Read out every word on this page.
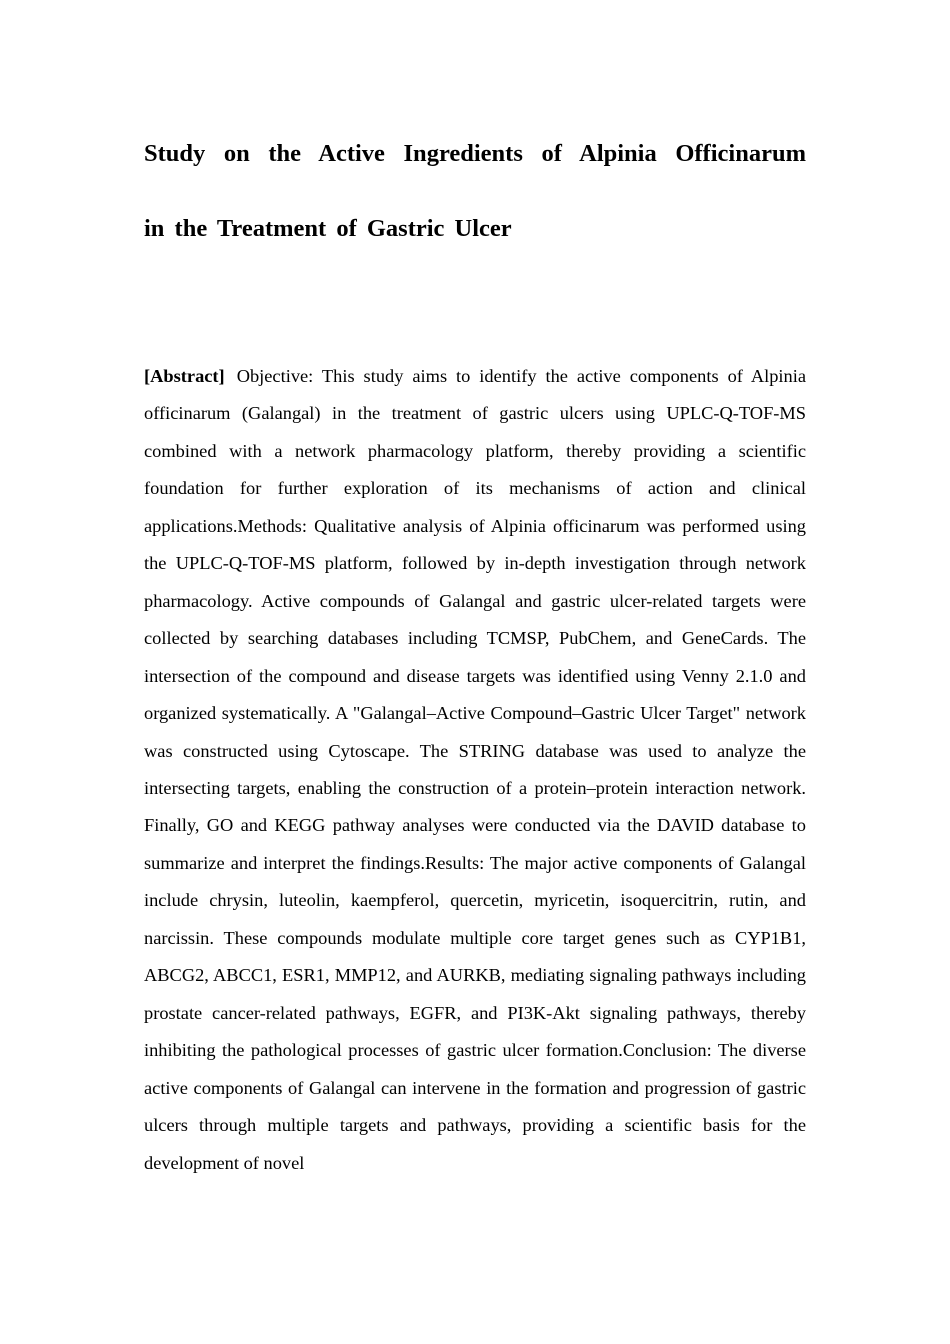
Study on the Active Ingredients of Alpinia Officinarum
in the Treatment of Gastric Ulcer

[Abstract] Objective: This study aims to identify the active components of Alpinia officinarum (Galangal) in the treatment of gastric ulcers using UPLC-Q-TOF-MS combined with a network pharmacology platform, thereby providing a scientific foundation for further exploration of its mechanisms of action and clinical applications.Methods: Qualitative analysis of Alpinia officinarum was performed using the UPLC-Q-TOF-MS platform, followed by in-depth investigation through network pharmacology. Active compounds of Galangal and gastric ulcer-related targets were collected by searching databases including TCMSP, PubChem, and GeneCards. The intersection of the compound and disease targets was identified using Venny 2.1.0 and organized systematically. A "Galangal–Active Compound–Gastric Ulcer Target" network was constructed using Cytoscape. The STRING database was used to analyze the intersecting targets, enabling the construction of a protein–protein interaction network. Finally, GO and KEGG pathway analyses were conducted via the DAVID database to summarize and interpret the findings.Results: The major active components of Galangal include chrysin, luteolin, kaempferol, quercetin, myricetin, isoquercitrin, rutin, and narcissin. These compounds modulate multiple core target genes such as CYP1B1, ABCG2, ABCC1, ESR1, MMP12, and AURKB, mediating signaling pathways including prostate cancer-related pathways, EGFR, and PI3K-Akt signaling pathways, thereby inhibiting the pathological processes of gastric ulcer formation.Conclusion: The diverse active components of Galangal can intervene in the formation and progression of gastric ulcers through multiple targets and pathways, providing a scientific basis for the development of novel
